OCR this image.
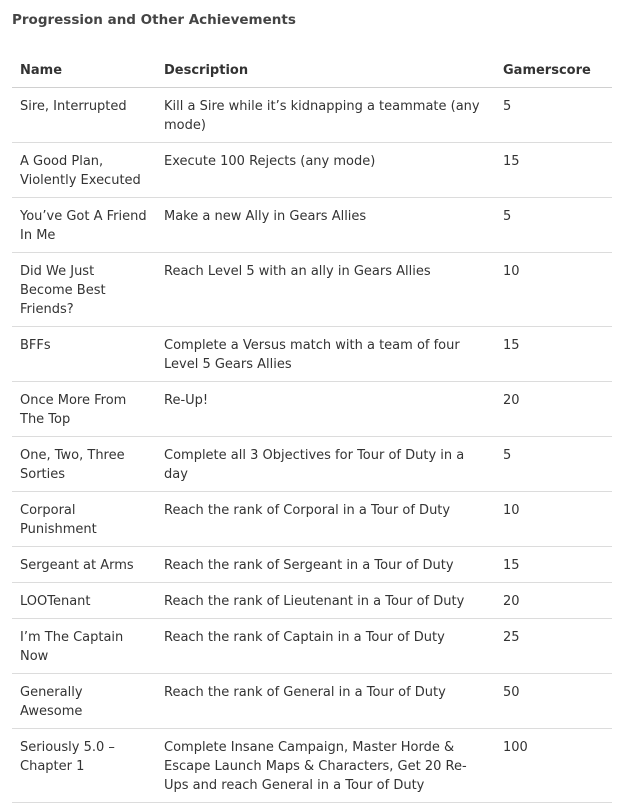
Progression and Other Achievements
Name	Description	Gamerscore
Sire, Interrupted	Kill a Sire while it’s kidnapping a teammate (any mode)	5
A Good Plan, Violently Executed	Execute 100 Rejects (any mode)	15
You’ve Got A Friend In Me	Make a new Ally in Gears Allies	5
Did We Just Become Best Friends?	Reach Level 5 with an ally in Gears Allies	10
BFFs	Complete a Versus match with a team of four Level 5 Gears Allies	15
Once More From The Top	Re-Up!	20
One, Two, Three Sorties	Complete all 3 Objectives for Tour of Duty in a day	5
Corporal Punishment	Reach the rank of Corporal in a Tour of Duty	10
Sergeant at Arms	Reach the rank of Sergeant in a Tour of Duty	15
LOOTenant	Reach the rank of Lieutenant in a Tour of Duty	20
I’m The Captain Now	Reach the rank of Captain in a Tour of Duty	25
Generally Awesome	Reach the rank of General in a Tour of Duty	50
Seriously 5.0 – Chapter 1	Complete Insane Campaign, Master Horde & Escape Launch Maps & Characters, Get 20 Re-Ups and reach General in a Tour of Duty	100
